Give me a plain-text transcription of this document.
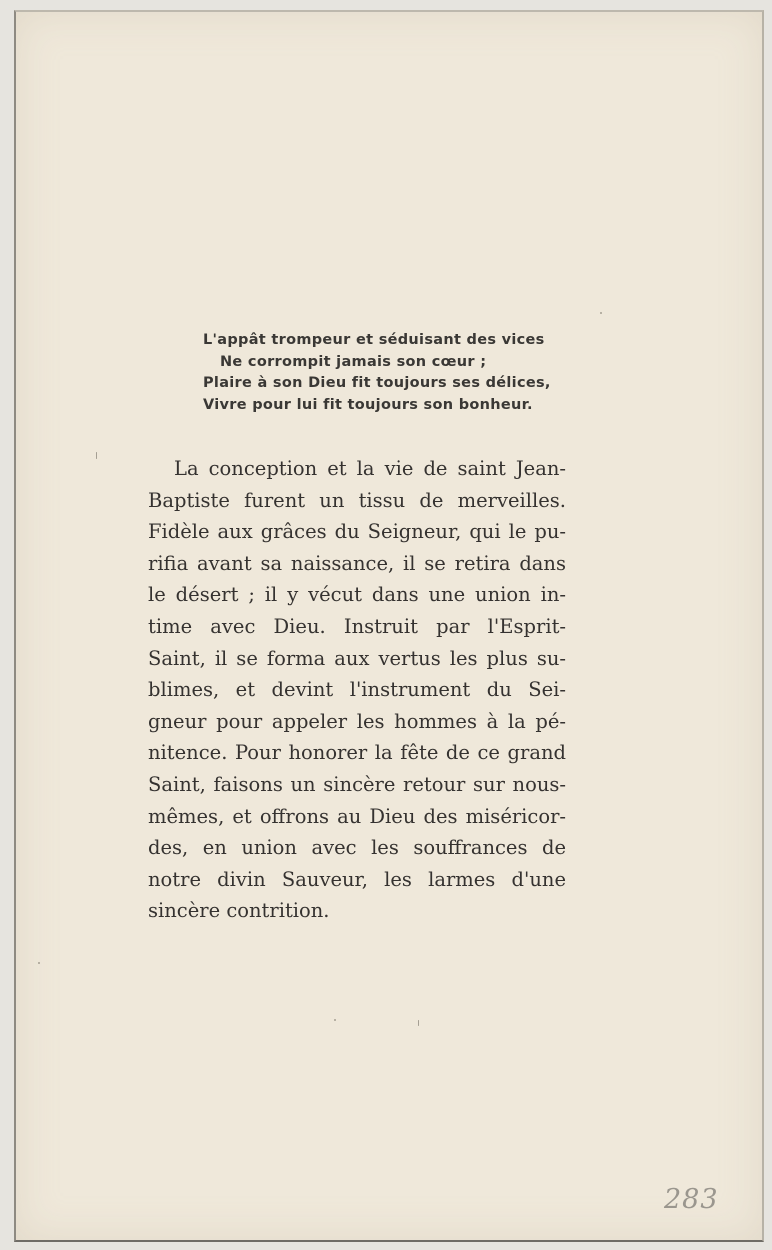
L'appât trompeur et séduisant des vices
Ne corrompit jamais son cœur ;
Plaire à son Dieu fit toujours ses délices,
Vivre pour lui fit toujours son bonheur.
La conception et la vie de saint Jean-
Baptiste furent un tissu de merveilles.
Fidèle aux grâces du Seigneur, qui le pu-
rifia avant sa naissance, il se retira dans
le désert ; il y vécut dans une union in-
time avec Dieu. Instruit par l'Esprit-
Saint, il se forma aux vertus les plus su-
blimes, et devint l'instrument du Sei-
gneur pour appeler les hommes à la pé-
nitence. Pour honorer la fête de ce grand
Saint, faisons un sincère retour sur nous-
mêmes, et offrons au Dieu des miséricor-
des, en union avec les souffrances de
notre divin Sauveur, les larmes d'une
sincère contrition.
283
